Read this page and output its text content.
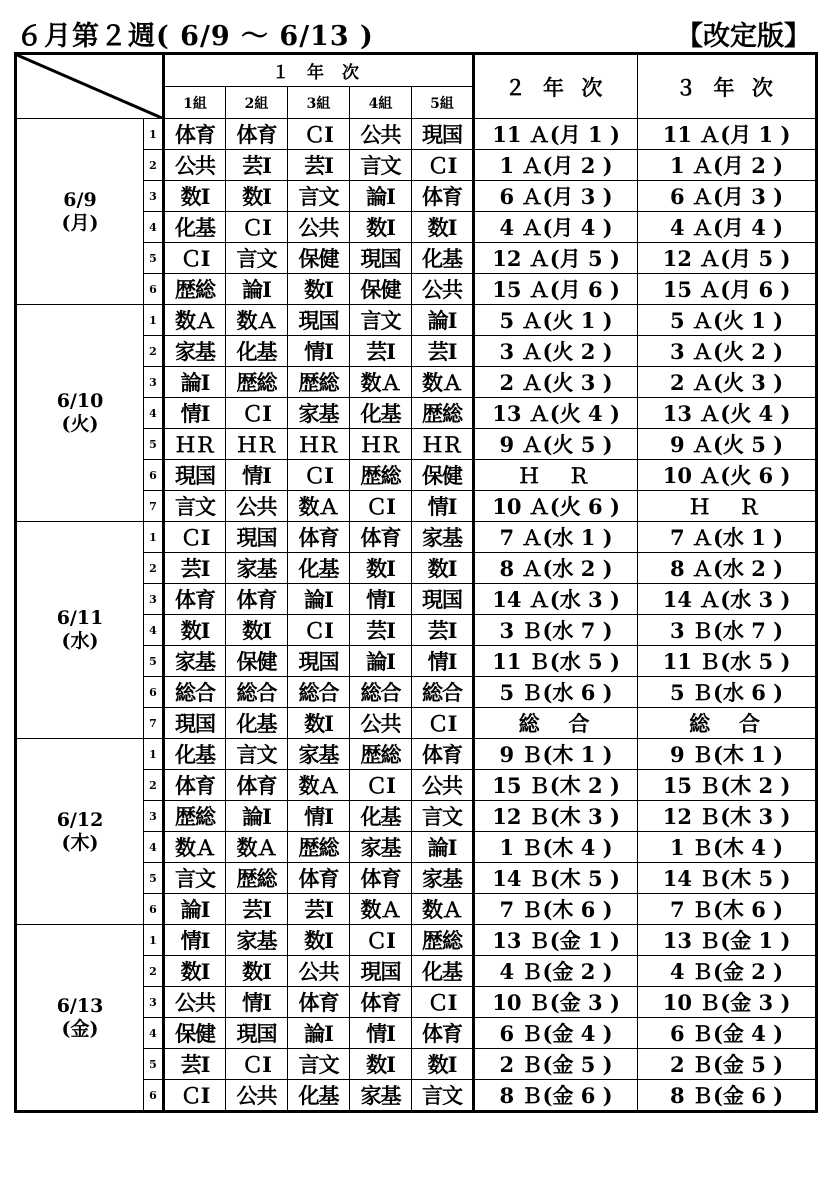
６月第２週( 6/9 ～ 6/13 )	【改定版】
	１ 年 次					２ 年 次	３ 年 次
		1組	2組	3組	4組	5組		

6/9
(月)	1	体育	体育	ＣⅠ	公共	現国	11 Ａ(月 1 )	11 Ａ(月 1 )
	2	公共	芸Ⅰ	芸Ⅰ	言文	ＣⅠ	1 Ａ(月 2 )	1 Ａ(月 2 )
	3	数Ⅰ	数Ⅰ	言文	論Ⅰ	体育	6 Ａ(月 3 )	6 Ａ(月 3 )
	4	化基	ＣⅠ	公共	数Ⅰ	数Ⅰ	4 Ａ(月 4 )	4 Ａ(月 4 )
	5	ＣⅠ	言文	保健	現国	化基	12 Ａ(月 5 )	12 Ａ(月 5 )
	6	歴総	論Ⅰ	数Ⅰ	保健	公共	15 Ａ(月 6 )	15 Ａ(月 6 )

6/10
(火)	1	数Ａ	数Ａ	現国	言文	論Ⅰ	5 Ａ(火 1 )	5 Ａ(火 1 )
	2	家基	化基	情Ⅰ	芸Ⅰ	芸Ⅰ	3 Ａ(火 2 )	3 Ａ(火 2 )
	3	論Ⅰ	歴総	歴総	数Ａ	数Ａ	2 Ａ(火 3 )	2 Ａ(火 3 )
	4	情Ⅰ	ＣⅠ	家基	化基	歴総	13 Ａ(火 4 )	13 Ａ(火 4 )
	5	ＨＲ	ＨＲ	ＨＲ	ＨＲ	ＨＲ	9 Ａ(火 5 )	9 Ａ(火 5 )
	6	現国	情Ⅰ	ＣⅠ	歴総	保健	Ｈ　Ｒ	10 Ａ(火 6 )
	7	言文	公共	数Ａ	ＣⅠ	情Ⅰ	10 Ａ(火 6 )	Ｈ　Ｒ

6/11
(水)	1	ＣⅠ	現国	体育	体育	家基	7 Ａ(水 1 )	7 Ａ(水 1 )
	2	芸Ⅰ	家基	化基	数Ⅰ	数Ⅰ	8 Ａ(水 2 )	8 Ａ(水 2 )
	3	体育	体育	論Ⅰ	情Ⅰ	現国	14 Ａ(水 3 )	14 Ａ(水 3 )
	4	数Ⅰ	数Ⅰ	ＣⅠ	芸Ⅰ	芸Ⅰ	3 Ｂ(水 7 )	3 Ｂ(水 7 )
	5	家基	保健	現国	論Ⅰ	情Ⅰ	11 Ｂ(水 5 )	11 Ｂ(水 5 )
	6	総合	総合	総合	総合	総合	5 Ｂ(水 6 )	5 Ｂ(水 6 )
	7	現国	化基	数Ⅰ	公共	ＣⅠ	総　合	総　合

6/12
(木)	1	化基	言文	家基	歴総	体育	9 Ｂ(木 1 )	9 Ｂ(木 1 )
	2	体育	体育	数Ａ	ＣⅠ	公共	15 Ｂ(木 2 )	15 Ｂ(木 2 )
	3	歴総	論Ⅰ	情Ⅰ	化基	言文	12 Ｂ(木 3 )	12 Ｂ(木 3 )
	4	数Ａ	数Ａ	歴総	家基	論Ⅰ	1 Ｂ(木 4 )	1 Ｂ(木 4 )
	5	言文	歴総	体育	体育	家基	14 Ｂ(木 5 )	14 Ｂ(木 5 )
	6	論Ⅰ	芸Ⅰ	芸Ⅰ	数Ａ	数Ａ	7 Ｂ(木 6 )	7 Ｂ(木 6 )

6/13
(金)	1	情Ⅰ	家基	数Ⅰ	ＣⅠ	歴総	13 Ｂ(金 1 )	13 Ｂ(金 1 )
	2	数Ⅰ	数Ⅰ	公共	現国	化基	4 Ｂ(金 2 )	4 Ｂ(金 2 )
	3	公共	情Ⅰ	体育	体育	ＣⅠ	10 Ｂ(金 3 )	10 Ｂ(金 3 )
	4	保健	現国	論Ⅰ	情Ⅰ	体育	6 Ｂ(金 4 )	6 Ｂ(金 4 )
	5	芸Ⅰ	ＣⅠ	言文	数Ⅰ	数Ⅰ	2 Ｂ(金 5 )	2 Ｂ(金 5 )
	6	ＣⅠ	公共	化基	家基	言文	8 Ｂ(金 6 )	8 Ｂ(金 6 )
